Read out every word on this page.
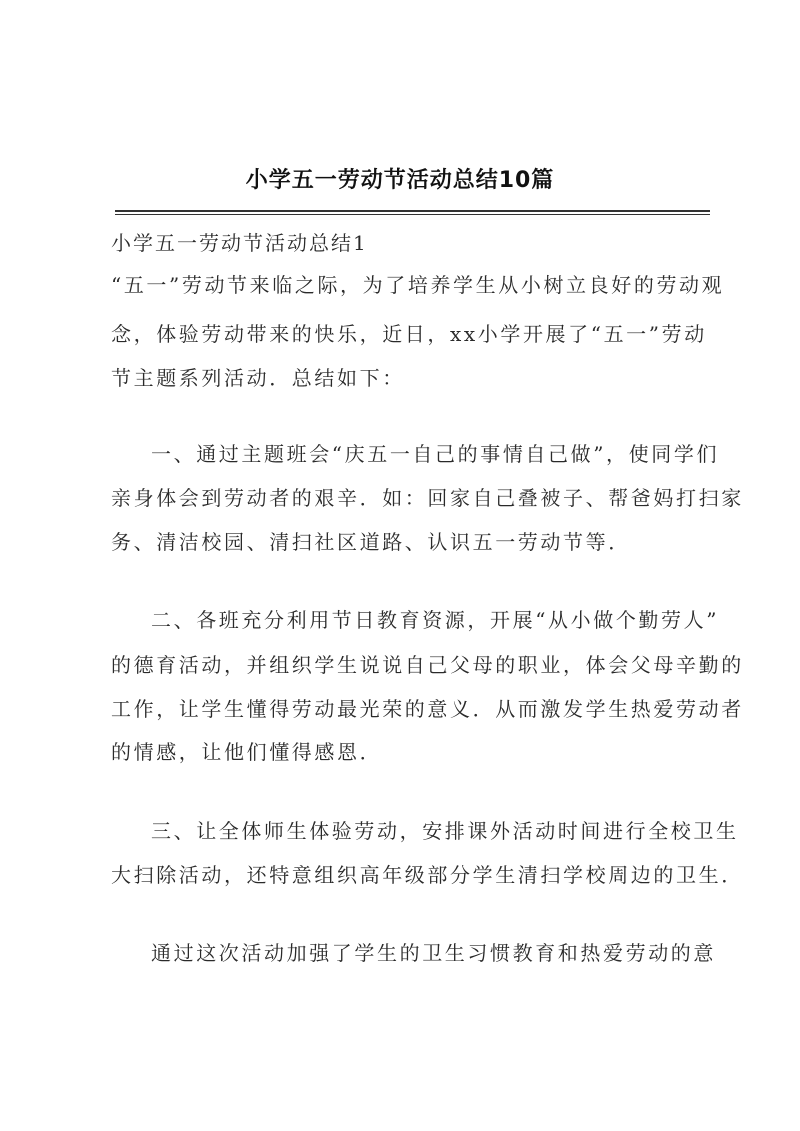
小学五一劳动节活动总结10篇
小学五一劳动节活动总结1
“五一”劳动节来临之际，为了培养学生从小树立良好的劳动观
念，体验劳动带来的快乐，近日，xx小学开展了“五一”劳动
节主题系列活动．总结如下：
一、通过主题班会“庆五一自己的事情自己做”，使同学们
亲身体会到劳动者的艰辛．如：回家自己叠被子、帮爸妈打扫家
务、清洁校园、清扫社区道路、认识五一劳动节等．
二、各班充分利用节日教育资源，开展“从小做个勤劳人”
的德育活动，并组织学生说说自己父母的职业，体会父母辛勤的
工作，让学生懂得劳动最光荣的意义．从而激发学生热爱劳动者
的情感，让他们懂得感恩．
三、让全体师生体验劳动，安排课外活动时间进行全校卫生
大扫除活动，还特意组织高年级部分学生清扫学校周边的卫生．
通过这次活动加强了学生的卫生习惯教育和热爱劳动的意
